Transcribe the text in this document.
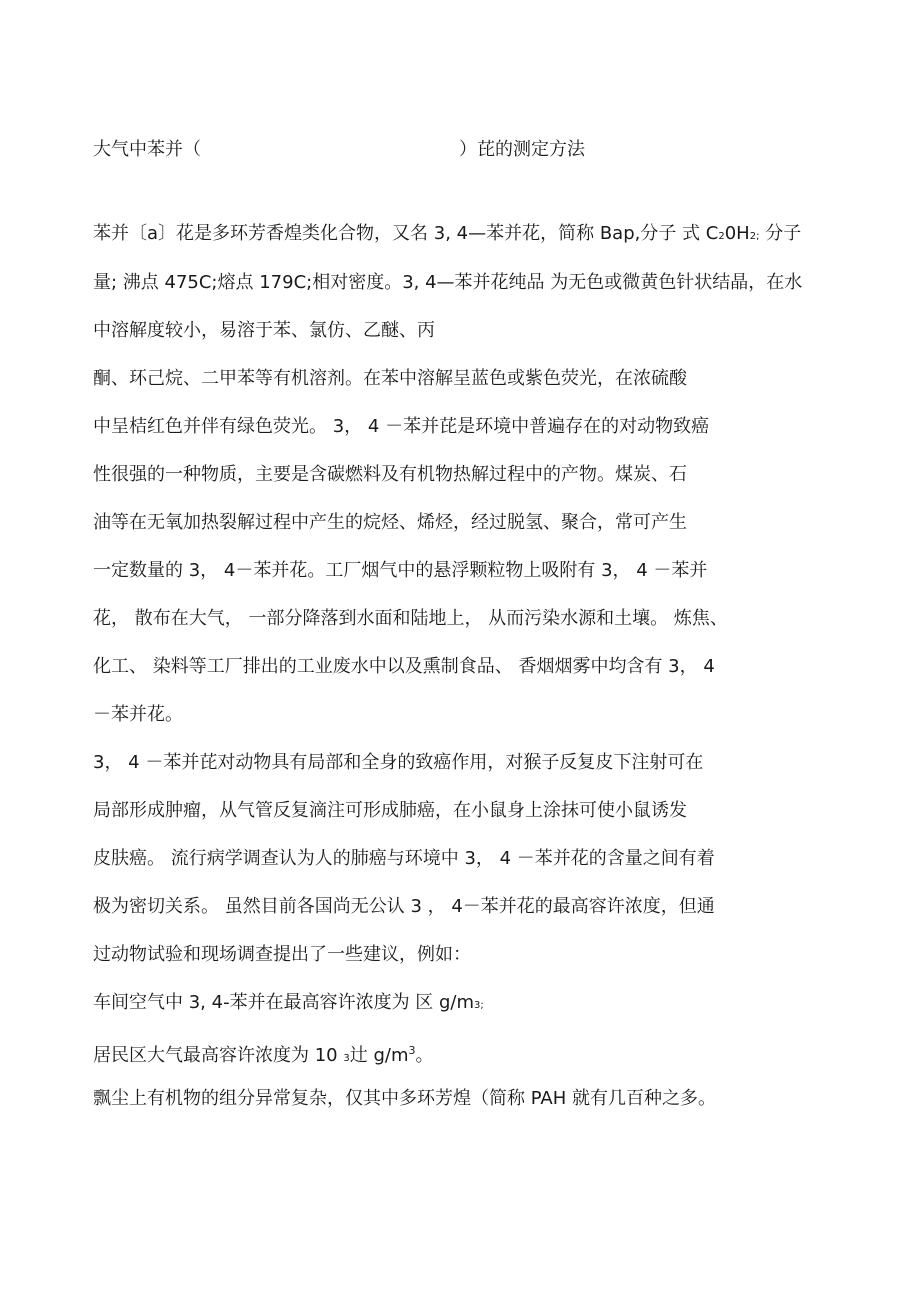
大气中苯并（	）芘的测定方法
苯并〔a〕花是多环芳香煌类化合物，又名 3, 4—苯并花，简称 Bap,分子 式 C20H2; 分子
量; 沸点 475C;熔点 179C;相对密度。3, 4—苯并花纯品 为无色或微黄色针状结晶，在水
中溶解度较小，易溶于苯、氯仿、乙醚、丙
酮、环己烷、二甲苯等有机溶剂。在苯中溶解呈蓝色或紫色荧光，在浓硫酸
中呈桔红色并伴有绿色荧光。 3， 4 －苯并芘是环境中普遍存在的对动物致癌
性很强的一种物质，主要是含碳燃料及有机物热解过程中的产物。煤炭、石
油等在无氧加热裂解过程中产生的烷烃、烯烃，经过脱氢、聚合，常可产生
一定数量的 3， 4－苯并花。工厂烟气中的悬浮颗粒物上吸附有 3， 4 －苯并
花， 散布在大气， 一部分降落到水面和陆地上， 从而污染水源和土壤。 炼焦、
化工、 染料等工厂排出的工业废水中以及熏制食品、 香烟烟雾中均含有 3， 4
－苯并花。
3， 4 －苯并芘对动物具有局部和全身的致癌作用，对猴子反复皮下注射可在
局部形成肿瘤，从气管反复滴注可形成肺癌，在小鼠身上涂抹可使小鼠诱发
皮肤癌。 流行病学调查认为人的肺癌与环境中 3， 4 －苯并花的含量之间有着
极为密切关系。 虽然目前各国尚无公认 3 ， 4－苯并花的最高容许浓度，但通
过动物试验和现场调查提出了一些建议，例如：
车间空气中 3, 4-苯并在最高容许浓度为 区 g/m3;
居民区大气最高容许浓度为 10 3辻 $g/m^3$。
飘尘上有机物的组分异常复杂，仅其中多环芳煌（简称 PAH 就有几百种之多。
